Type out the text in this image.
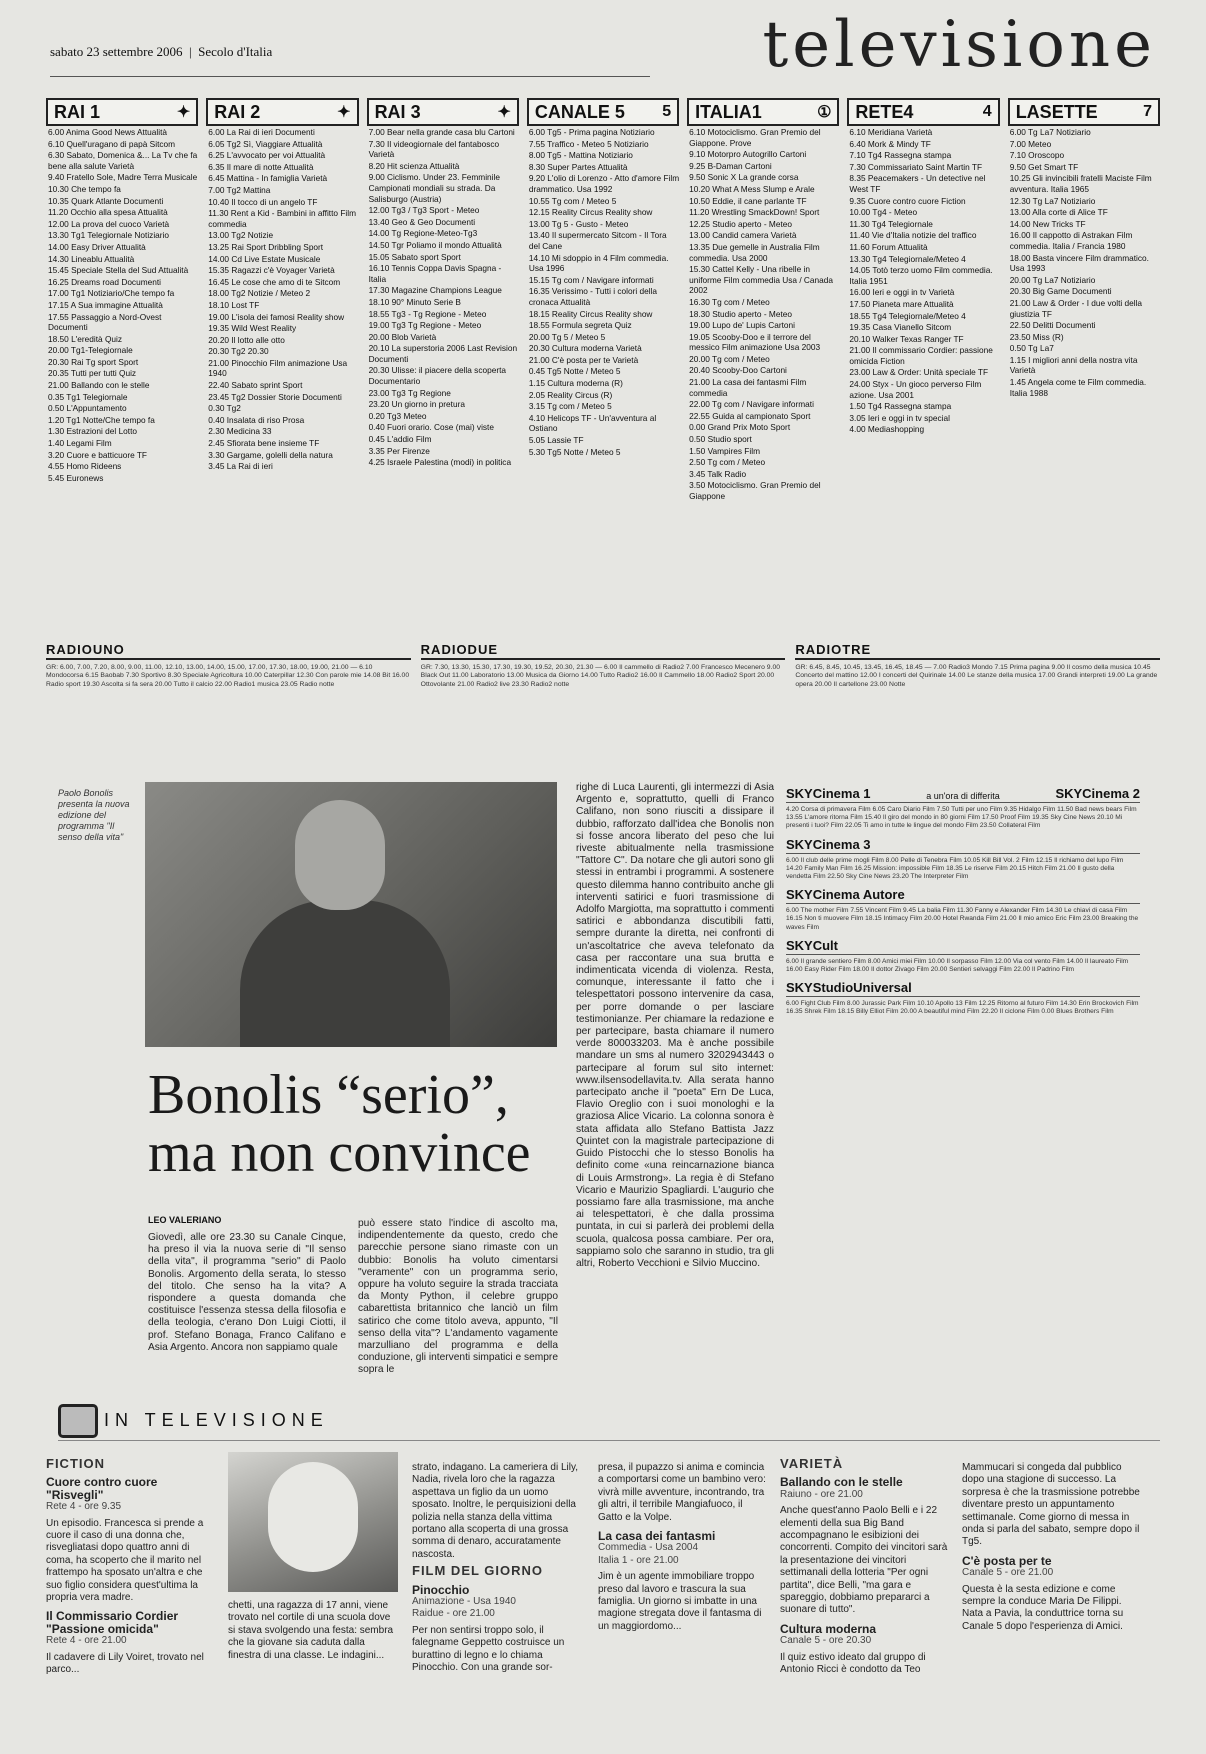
sabato 23 settembre 2006  |  Secolo d'Italia	televisione
RAI 1	✦
6.00 Anima Good News Attualità
6.10 Quell'uragano di papà Sitcom
6.30 Sabato, Domenica &... La Tv che fa bene alla salute Varietà
9.40 Fratello Sole, Madre Terra Musicale
10.30 Che tempo fa
10.35 Quark Atlante Documenti
11.20 Occhio alla spesa Attualità
12.00 La prova del cuoco Varietà
13.30 Tg1 Telegiornale Notiziario
14.00 Easy Driver Attualità
14.30 Lineablu Attualità
15.45 Speciale Stella del Sud Attualità
16.25 Dreams road Documenti
17.00 Tg1 Notiziario/Che tempo fa
17.15 A Sua immagine Attualità
17.55 Passaggio a Nord-Ovest Documenti
18.50 L'eredità Quiz
20.00 Tg1-Telegiornale
20.30 Rai Tg sport Sport
20.35 Tutti per tutti Quiz
21.00 Ballando con le stelle
0.35 Tg1 Telegiornale
0.50 L'Appuntamento
1.20 Tg1 Notte/Che tempo fa
1.30 Estrazioni del Lotto
1.40 Legami Film
3.20 Cuore e batticuore TF
4.55 Homo Rideens
5.45 Euronews
RAI 2	✦
6.00 La Rai di ieri Documenti
6.05 Tg2 Sì, Viaggiare Attualità
6.25 L'avvocato per voi Attualità
6.35 Il mare di notte Attualità
6.45 Mattina - In famiglia Varietà
7.00 Tg2 Mattina
10.40 Il tocco di un angelo TF
11.30 Rent a Kid - Bambini in affitto Film commedia
13.00 Tg2 Notizie
13.25 Rai Sport Dribbling Sport
14.00 Cd Live Estate Musicale
15.35 Ragazzi c'è Voyager Varietà
16.45 Le cose che amo di te Sitcom
18.00 Tg2 Notizie / Meteo 2
18.10 Lost TF
19.00 L'isola dei famosi Reality show
19.35 Wild West Reality
20.20 Il lotto alle otto
20.30 Tg2 20.30
21.00 Pinocchio Film animazione Usa 1940
22.40 Sabato sprint Sport
23.45 Tg2 Dossier Storie Documenti
0.30 Tg2
0.40 Insalata di riso Prosa
2.30 Medicina 33
2.45 Sfiorata bene insieme TF
3.30 Gargame, golelli della natura
3.45 La Rai di ieri
RAI 3	✦
7.00 Bear nella grande casa blu Cartoni
7.30 Il videogiornale del fantabosco Varietà
8.20 Hit scienza Attualità
9.00 Ciclismo. Under 23. Femminile Campionati mondiali su strada. Da Salisburgo (Austria)
12.00 Tg3 / Tg3 Sport - Meteo
13.40 Geo & Geo Documenti
14.00 Tg Regione-Meteo-Tg3
14.50 Tgr Poliamo il mondo Attualità
15.05 Sabato sport Sport
16.10 Tennis Coppa Davis Spagna - Italia
17.30 Magazine Champions League
18.10 90° Minuto Serie B
18.55 Tg3 - Tg Regione - Meteo
19.00 Tg3 Tg Regione - Meteo
20.00 Blob Varietà
20.10 La superstoria 2006 Last Revision Documenti
20.30 Ulisse: il piacere della scoperta Documentario
23.00 Tg3 Tg Regione
23.20 Un giorno in pretura
0.20 Tg3 Meteo
0.40 Fuori orario. Cose (mai) viste
0.45 L'addio Film
3.35 Per Firenze
4.25 Israele Palestina (modi) in politica
CANALE 5 5
6.00 Tg5 - Prima pagina Notiziario
7.55 Traffico - Meteo 5 Notiziario
8.00 Tg5 - Mattina Notiziario
8.30 Super Partes Attualità
9.20 L'olio di Lorenzo - Atto d'amore Film drammatico. Usa 1992
10.55 Tg com / Meteo 5
12.15 Reality Circus Reality show
13.00 Tg 5 - Gusto - Meteo
13.40 Il supermercato Sitcom - Il Tora del Cane
14.10 Mi sdoppio in 4 Film commedia. Usa 1996
15.15 Tg com / Navigare informati
16.35 Verissimo - Tutti i colori della cronaca Attualità
18.15 Reality Circus Reality show
18.55 Formula segreta Quiz
20.00 Tg 5 / Meteo 5
20.30 Cultura moderna Varietà
21.00 C'è posta per te Varietà
0.45 Tg5 Notte / Meteo 5
1.15 Cultura moderna (R)
2.05 Reality Circus (R)
3.15 Tg com / Meteo 5
4.10 Helicops TF - Un'avventura al Ostiano
5.05 Lassie TF
5.30 Tg5 Notte / Meteo 5
ITALIA1	①
6.10 Motociclismo. Gran Premio del Giappone. Prove
9.10 Motorpro Autogrillo Cartoni
9.25 B-Daman Cartoni
9.50 Sonic X La grande corsa
10.20 What A Mess Slump e Arale
10.50 Eddie, il cane parlante TF
11.20 Wrestling SmackDown! Sport
12.25 Studio aperto - Meteo
13.00 Candid camera Varietà
13.35 Due gemelle in Australia Film commedia. Usa 2000
15.30 Cattel Kelly - Una ribelle in uniforme Film commedia Usa / Canada 2002
16.30 Tg com / Meteo
18.30 Studio aperto - Meteo
19.00 Lupo de' Lupis Cartoni
19.05 Scooby-Doo e il terrore del messico Film animazione Usa 2003
20.00 Tg com / Meteo
20.40 Scooby-Doo Cartoni
21.00 La casa dei fantasmi Film commedia
22.00 Tg com / Navigare informati
22.55 Guida al campionato Sport
0.00 Grand Prix Moto Sport
0.50 Studio sport
1.50 Vampires Film
2.50 Tg com / Meteo
3.45 Talk Radio
3.50 Motociclismo. Gran Premio del Giappone
RETE4	4
6.10 Meridiana Varietà
6.40 Mork & Mindy TF
7.10 Tg4 Rassegna stampa
7.30 Commissariato Saint Martin TF
8.35 Peacemakers - Un detective nel West TF
9.35 Cuore contro cuore Fiction
10.00 Tg4 - Meteo
11.30 Tg4 Telegiornale
11.40 Vie d'Italia notizie del traffico
11.60 Forum Attualità
13.30 Tg4 Telegiornale/Meteo 4
14.05 Totò terzo uomo Film commedia. Italia 1951
16.00 Ieri e oggi in tv Varietà
17.50 Pianeta mare Attualità
18.55 Tg4 Telegiornale/Meteo 4
19.35 Casa Vianello Sitcom
20.10 Walker Texas Ranger TF
21.00 Il commissario Cordier: passione omicida Fiction
23.00 Law & Order: Unità speciale TF
24.00 Styx - Un gioco perverso Film azione. Usa 2001
1.50 Tg4 Rassegna stampa
3.05 Ieri e oggi in tv special
4.00 Mediashopping
LASETTE	7
6.00 Tg La7 Notiziario
7.00 Meteo
7.10 Oroscopo
9.50 Get Smart TF
10.25 Gli invincibili fratelli Maciste Film avventura. Italia 1965
12.30 Tg La7 Notiziario
13.00 Alla corte di Alice TF
14.00 New Tricks TF
16.00 Il cappotto di Astrakan Film commedia. Italia / Francia 1980
18.00 Basta vincere Film drammatico. Usa 1993
20.00 Tg La7 Notiziario
20.30 Big Game Documenti
21.00 Law & Order - I due volti della giustizia TF
22.50 Delitti Documenti
23.50 Miss (R)
0.50 Tg La7
1.15 I migliori anni della nostra vita Varietà
1.45 Angela come te Film commedia. Italia 1988
RADIOUNO
GR: 6.00, 7.00, 7.20, 8.00, 9.00, 11.00, 12.10, 13.00, 14.00, 15.00, 17.00, 17.30, 18.00, 19.00, 21.00 — 6.10 Mondocorsa 6.15 Baobab 7.30 Sportivo 8.30 Speciale Agricoltura 10.00 Caterpillar 12.30 Con parole mie 14.08 Bit 16.00 Radio sport 19.30 Ascolta si fa sera 20.00 Tutto il calcio 22.00 Radio1 musica 23.05 Radio notte
RADIODUE
GR: 7.30, 13.30, 15.30, 17.30, 19.30, 19.52, 20.30, 21.30 — 6.00 Il cammello di Radio2 7.00 Francesco Mecenero 9.00 Black Out 11.00 Laboratorio 13.00 Musica da Giorno 14.00 Tutto Radio2 16.00 Il Cammello 18.00 Radio2 Sport 20.00 Ottovolante 21.00 Radio2 live 23.30 Radio2 notte
RADIOTRE
GR: 6.45, 8.45, 10.45, 13.45, 16.45, 18.45 — 7.00 Radio3 Mondo 7.15 Prima pagina 9.00 Il cosmo della musica 10.45 Concerto del mattino 12.00 I concerti del Quirinale 14.00 Le stanze della musica 17.00 Grandi interpreti 19.00 La grande opera 20.00 Il cartellone 23.00 Notte
Paolo Bonolis presenta la nuova edizione del programma "Il senso della vita"
Bonolis “serio”,
ma non convince
LEO VALERIANO
Giovedì, alle ore 23.30 su Canale Cinque, ha preso il via la nuova serie di "Il senso della vita", il programma "serio" di Paolo Bonolis. Argomento della serata, lo stesso del titolo. Che senso ha la vita? A rispondere a questa domanda che costituisce l'essenza stessa della filosofia e della teologia, c'erano Don Luigi Ciotti, il prof. Stefano Bonaga, Franco Califano e Asia Argento. Ancora non sappiamo quale
può essere stato l'indice di ascolto ma, indipendentemente da questo, credo che parecchie persone siano rimaste con un dubbio: Bonolis ha voluto cimentarsi "veramente" con un programma serio, oppure ha voluto seguire la strada tracciata da Monty Python, il celebre gruppo cabarettista britannico che lanciò un film satirico che come titolo aveva, appunto, "Il senso della vita"? L'andamento vagamente marzulliano del programma e della conduzione, gli interventi simpatici e sempre sopra le
righe di Luca Laurenti, gli intermezzi di Asia Argento e, soprattutto, quelli di Franco Califano, non sono riusciti a dissipare il dubbio, rafforzato dall'idea che Bonolis non si fosse ancora liberato del peso che lui riveste abitualmente nella trasmissione "Tattore C". Da notare che gli autori sono gli stessi in entrambi i programmi. A sostenere questo dilemma hanno contribuito anche gli interventi satirici e fuori trasmissione di Adolfo Margiotta, ma soprattutto i commenti satirici e abbondanza discutibili fatti, sempre durante la diretta, nei confronti di un'ascoltatrice che aveva telefonato da casa per raccontare una sua brutta e indimenticata vicenda di violenza. Resta, comunque, interessante il fatto che i telespettatori possono intervenire da casa, per porre domande o per lasciare testimonianze. Per chiamare la redazione e per partecipare, basta chiamare il numero verde 800033203. Ma è anche possibile mandare un sms al numero 3202943443 o partecipare al forum sul sito internet: www.ilsensodellavita.tv. Alla serata hanno partecipato anche il "poeta" Ern De Luca, Flavio Oreglio con i suoi monologhi e la graziosa Alice Vicario. La colonna sonora è stata affidata allo Stefano Battista Jazz Quintet con la magistrale partecipazione di Guido Pistocchi che lo stesso Bonolis ha definito come «una reincarnazione bianca di Louis Armstrong». La regia è di Stefano Vicario e Maurizio Spagliardi. L'augurio che possiamo fare alla trasmissione, ma anche ai telespettatori, è che dalla prossima puntata, in cui si parlerà dei problemi della scuola, qualcosa possa cambiare. Per ora, sappiamo solo che saranno in studio, tra gli altri, Roberto Vecchioni e Silvio Muccino.
SKYCinema 1	a un'ora di differita	SKYCinema 2
4.20 Corsa di primavera Film 6.05 Caro Diario Film 7.50 Tutti per uno Film 9.35 Hidalgo Film 11.50 Bad news bears Film 13.55 L'amore ritorna Film 15.40 Il giro del mondo in 80 giorni Film 17.50 Proof Film 19.35 Sky Cine News 20.10 Mi presenti i tuoi? Film 22.05 Ti amo in tutte le lingue del mondo Film 23.50 Collateral Film
SKYCinema 3
6.00 Il club delle prime mogli Film 8.00 Pelle di Tenebra Film 10.05 Kill Bill Vol. 2 Film 12.15 Il richiamo del lupo Film 14.20 Family Man Film 16.25 Mission: impossible Film 18.35 Le riserve Film 20.15 Hitch Film 21.00 Il gusto della vendetta Film 22.50 Sky Cine News 23.20 The Interpreter Film
SKYCinema Autore
6.00 The mother Film 7.55 Vincent Film 9.45 La balia Film 11.30 Fanny e Alexander Film 14.30 Le chiavi di casa Film 16.15 Non ti muovere Film 18.15 Intimacy Film 20.00 Hotel Rwanda Film 21.00 Il mio amico Eric Film 23.00 Breaking the waves Film
SKYCult
6.00 Il grande sentiero Film 8.00 Amici miei Film 10.00 Il sorpasso Film 12.00 Via col vento Film 14.00 Il laureato Film 16.00 Easy Rider Film 18.00 Il dottor Zivago Film 20.00 Sentieri selvaggi Film 22.00 Il Padrino Film
SKYStudioUniversal
6.00 Fight Club Film 8.00 Jurassic Park Film 10.10 Apollo 13 Film 12.25 Ritorno al futuro Film 14.30 Erin Brockovich Film 16.35 Shrek Film 18.15 Billy Elliot Film 20.00 A beautiful mind Film 22.20 Il ciclone Film 0.00 Blues Brothers Film
IN TELEVISIONE
FICTION
Cuore contro cuore "Risvegli"
Rete 4 - ore 9.35

Un episodio. Francesca si prende a cuore il caso di una donna che, risvegliatasi dopo quattro anni di coma, ha scoperto che il marito nel frattempo ha sposato un'altra e che suo figlio considera quest'ultima la propria vera madre.

Il Commissario Cordier "Passione omicida"
Rete 4 - ore 21.00

Il cadavere di Lily Voiret, trovato nel parco...

chetti, una ragazza di 17 anni, viene trovato nel cortile di una scuola dove si stava svolgendo una festa: sembra che la giovane sia caduta dalla finestra di una classe. Le indagini...

strato, indagano. La cameriera di Lily, Nadia, rivela loro che la ragazza aspettava un figlio da un uomo sposato. Inoltre, le perquisizioni della polizia nella stanza della vittima portano alla scoperta di una grossa somma di denaro, accuratamente nascosta.

FILM DEL GIORNO
Pinocchio
Animazione - Usa 1940
Raidue - ore 21.00

Per non sentirsi troppo solo, il falegname Geppetto costruisce un burattino di legno e lo chiama Pinocchio. Con una grande sor-

presa, il pupazzo si anima e comincia a comportarsi come un bambino vero: vivrà mille avventure, incontrando, tra gli altri, il terribile Mangiafuoco, il Gatto e la Volpe.

La casa dei fantasmi
Commedia - Usa 2004
Italia 1 - ore 21.00

Jim è un agente immobiliare troppo preso dal lavoro e trascura la sua famiglia. Un giorno si imbatte in una magione stregata dove il fantasma di un maggiordomo...

VARIETÀ
Ballando con le stelle
Raiuno - ore 21.00

Anche quest'anno Paolo Belli e i 22 elementi della sua Big Band accompagnano le esibizioni dei concorrenti. Compito dei vincitori sarà la presentazione dei vincitori settimanali della lotteria "Per ogni partita", dice Belli, "ma gara e spareggio, dobbiamo prepararci a suonare di tutto".

Cultura moderna
Canale 5 - ore 20.30

Il quiz estivo ideato dal gruppo di Antonio Ricci è condotto da Teo

Mammucari si congeda dal pubblico dopo una stagione di successo. La sorpresa è che la trasmissione potrebbe diventare presto un appuntamento settimanale. Come giorno di messa in onda si parla del sabato, sempre dopo il Tg5.

C'è posta per te
Canale 5 - ore 21.00

Questa è la sesta edizione e come sempre la conduce Maria De Filippi. Nata a Pavia, la conduttrice torna su Canale 5 dopo l'esperienza di Amici.
